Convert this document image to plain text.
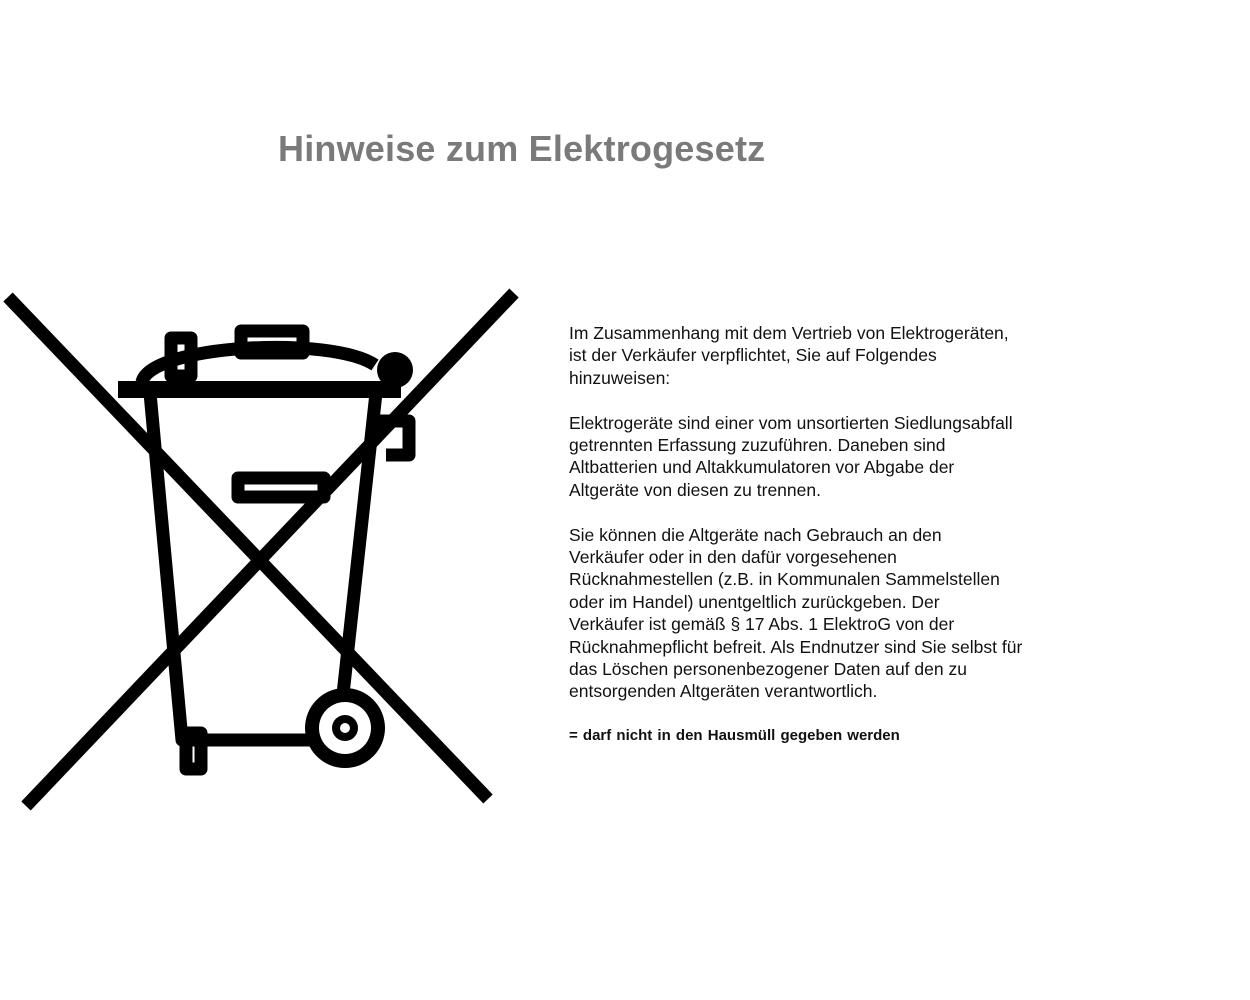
Hinweise zum Elektrogesetz

Im Zusammenhang mit dem Vertrieb von Elektrogeräten,
ist der Verkäufer verpflichtet, Sie auf Folgendes
hinzuweisen:

Elektrogeräte sind einer vom unsortierten Siedlungsabfall
getrennten Erfassung zuzuführen. Daneben sind
Altbatterien und Altakkumulatoren vor Abgabe der
Altgeräte von diesen zu trennen.

Sie können die Altgeräte nach Gebrauch an den
Verkäufer oder in den dafür vorgesehenen
Rücknahmestellen (z.B. in Kommunalen Sammelstellen
oder im Handel) unentgeltlich zurückgeben. Der
Verkäufer ist gemäß § 17 Abs. 1 ElektroG von der
Rücknahmepflicht befreit. Als Endnutzer sind Sie selbst für
das Löschen personenbezogener Daten auf den zu
entsorgenden Altgeräten verantwortlich.

= darf nicht in den Hausmüll gegeben werden
